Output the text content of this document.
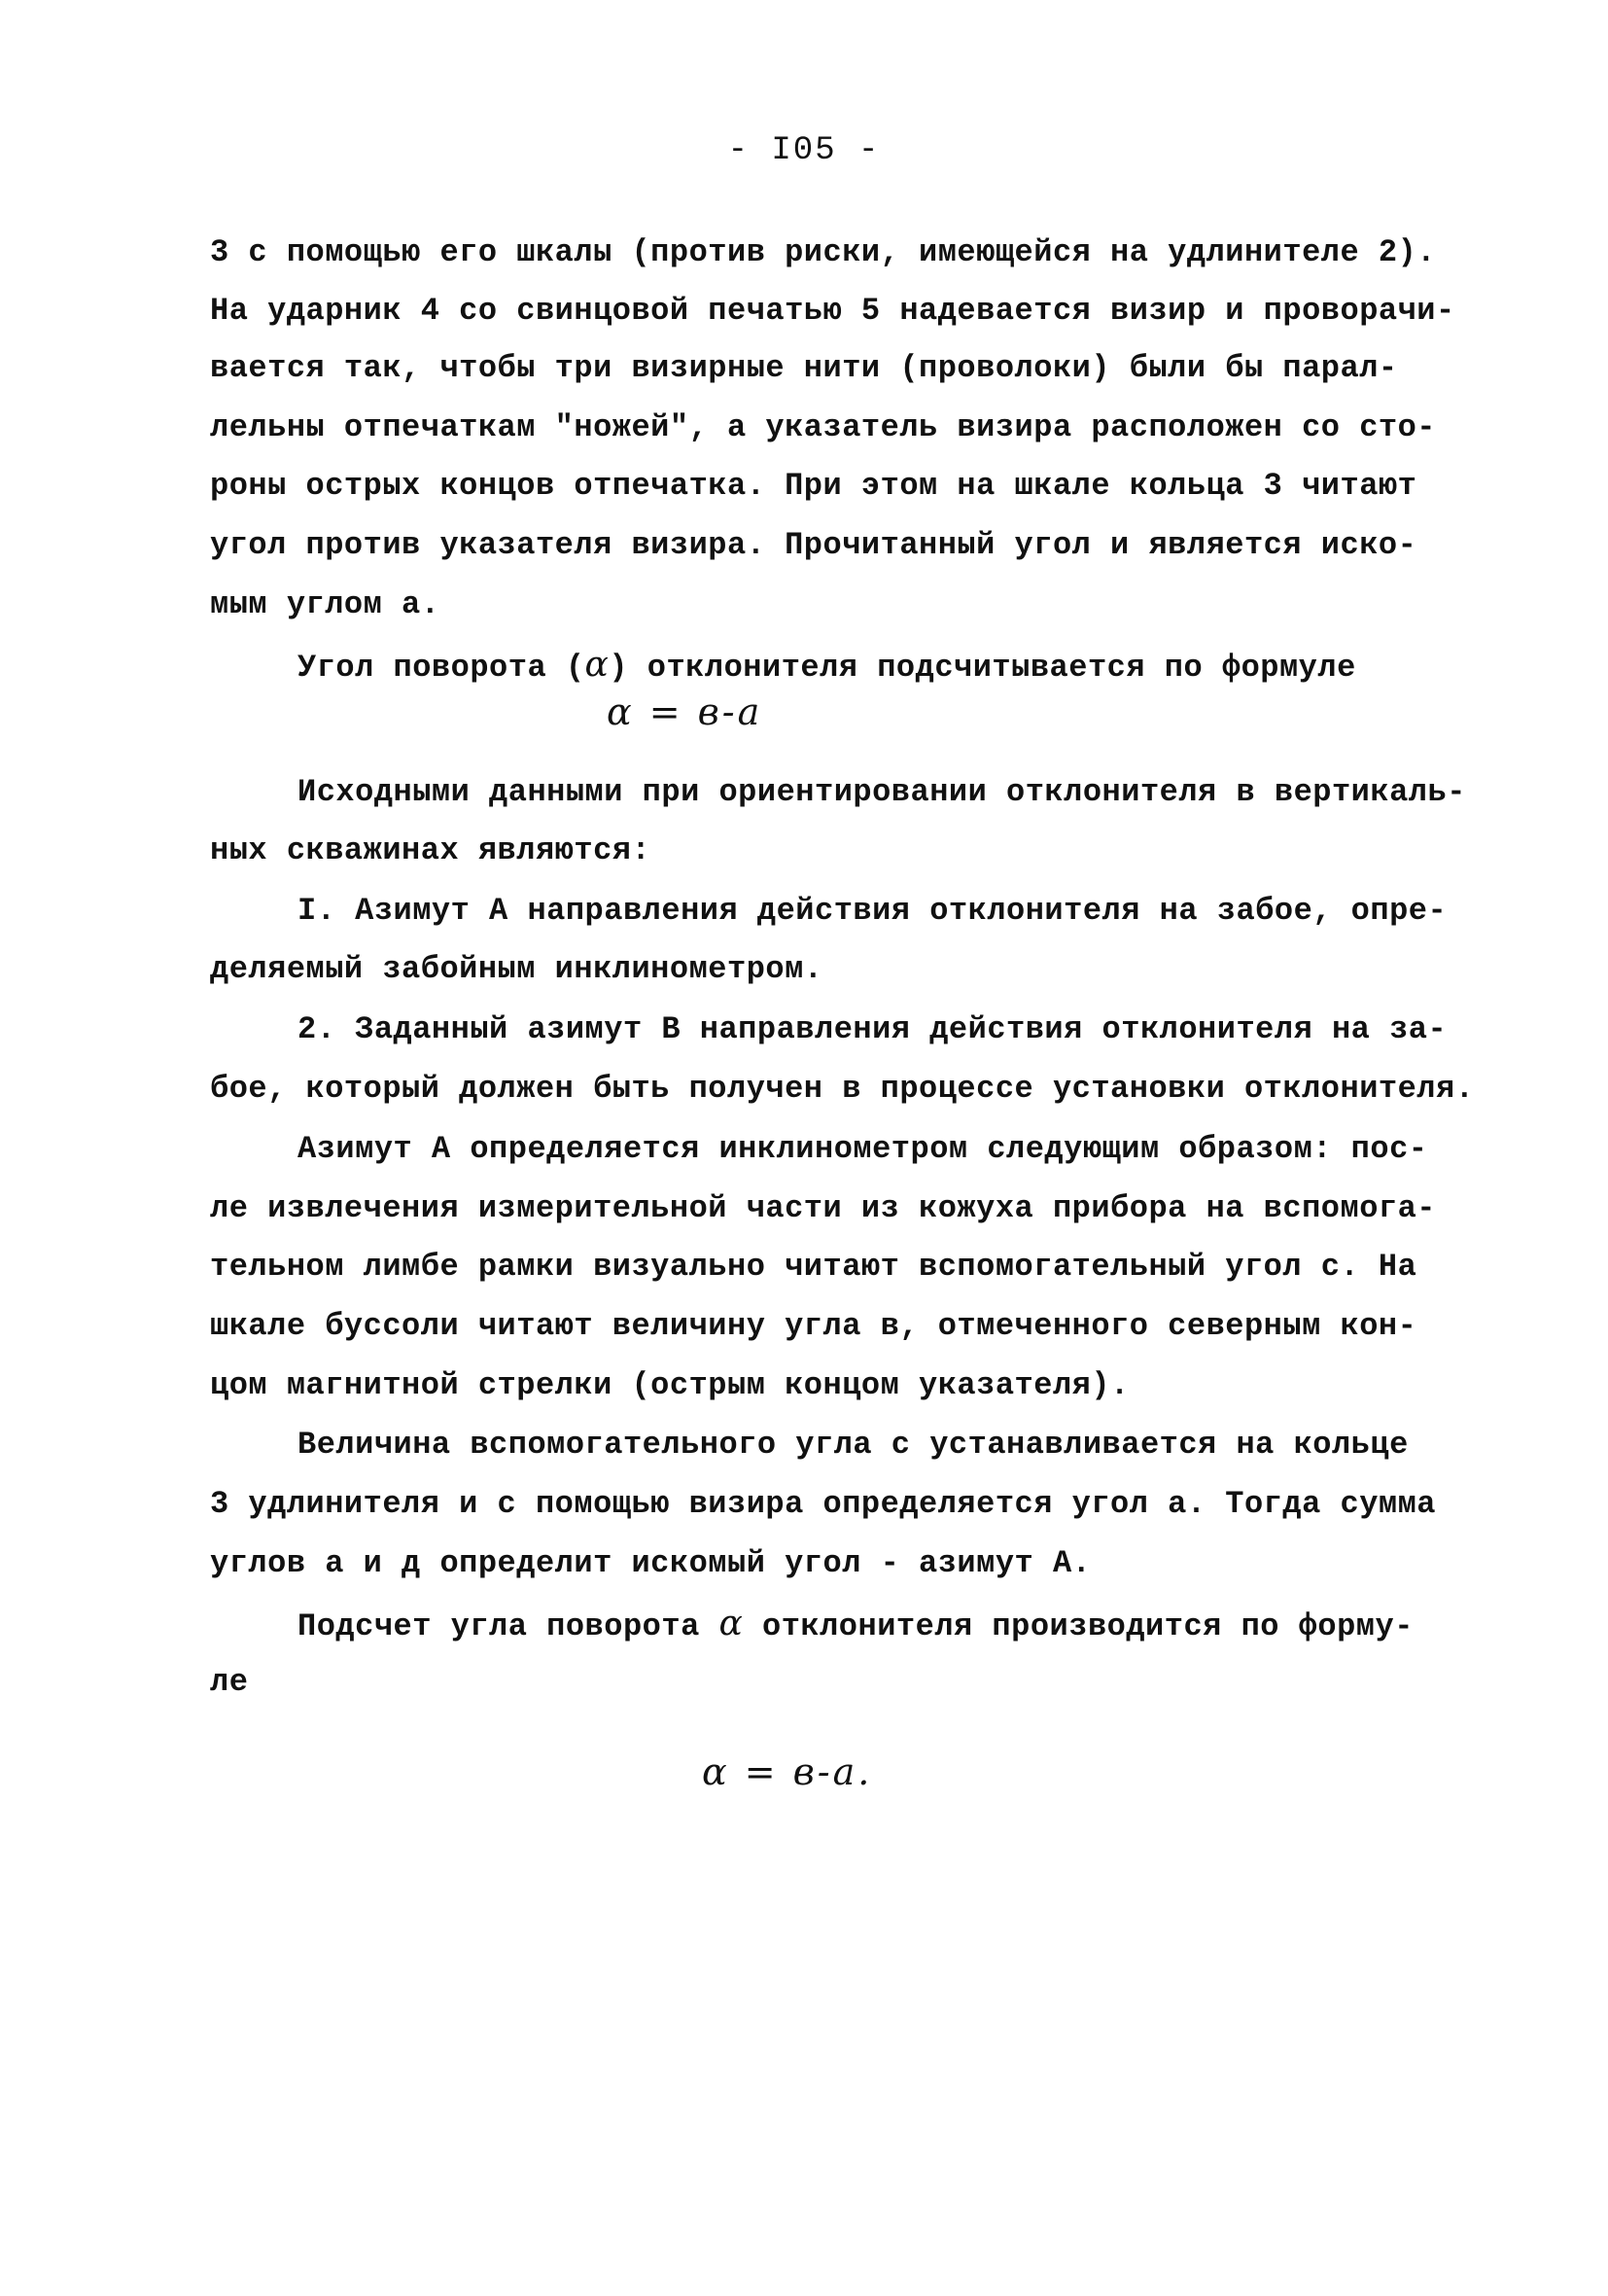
- I05 -
3 с помощью его шкалы (против риски, имеющейся на удлинителе 2).
На ударник 4 со свинцовой печатью 5 надевается визир и проворачи-
вается так, чтобы три визирные нити (проволоки) были бы парал-
лельны отпечаткам "ножей", а указатель визира расположен со сто-
роны острых концов отпечатка. При этом на шкале кольца 3 читают
угол против указателя визира. Прочитанный угол и является иско-
мым углом а.
Угол поворота (α) отклонителя подсчитывается по формуле
α = в-а
Исходными данными при ориентировании отклонителя в вертикаль-
ных скважинах являются:
I. Азимут А направления действия отклонителя на забое, опре-
деляемый забойным инклинометром.
2. Заданный азимут В направления действия отклонителя на за-
бое, который должен быть получен в процессе установки отклонителя.
Азимут А определяется инклинометром следующим образом: пос-
ле извлечения измерительной части из кожуха прибора на вспомога-
тельном лимбе рамки визуально читают вспомогательный угол с. На
шкале буссоли читают величину угла в, отмеченного северным кон-
цом магнитной стрелки (острым концом указателя).
Величина вспомогательного угла с устанавливается на кольце
3 удлинителя и с помощью визира определяется угол а. Тогда сумма
углов а и д определит искомый угол - азимут А.
Подсчет угла поворота α отклонителя производится по форму-
ле
α = в-а.
